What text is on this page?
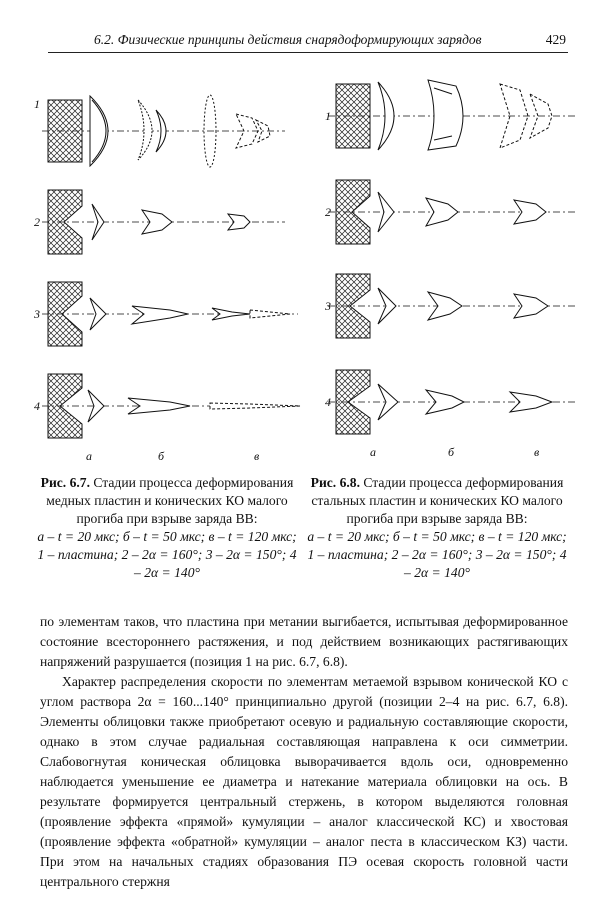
6.2. Физические принципы действия снарядоформирующих зарядов	429
1
2
3
4
1
2
3
4
а	б	в	а	б	в
Рис. 6.7. Стадии процесса деформирования медных пластин и конических КО малого прогиба при взрыве заряда ВВ:
а – t = 20 мкс; б – t = 50 мкс; в – t = 120 мкс; 1 – пластина; 2 – 2α = 160°; 3 – 2α = 150°; 4 – 2α = 140°
Рис. 6.8. Стадии процесса деформирования стальных пластин и конических КО малого прогиба при взрыве заряда ВВ:
а – t = 20 мкс; б – t = 50 мкс; в – t = 120 мкс; 1 – пластина; 2 – 2α = 160°; 3 – 2α = 150°; 4 – 2α = 140°

по элементам таков, что пластина при метании выгибается, испытывая деформированное состояние всестороннего растяжения, и под действием возникающих растягивающих напряжений разрушается (позиция 1 на рис. 6.7, 6.8).

Характер распределения скорости по элементам метаемой взрывом конической КО с углом раствора 2α = 160...140° принципиально другой (позиции 2–4 на рис. 6.7, 6.8). Элементы облицовки также приобретают осевую и радиальную составляющие скорости, однако в этом случае радиальная составляющая направлена к оси симметрии. Слабовогнутая коническая облицовка выворачивается вдоль оси, одновременно наблюдается уменьшение ее диаметра и натекание материала облицовки на ось. В результате формируется центральный стержень, в котором выделяются головная (проявление эффекта «прямой» кумуляции – аналог классической КС) и хвостовая (проявление эффекта «обратной» кумуляции – аналог песта в классическом КЗ) части. При этом на начальных стадиях образования ПЭ осевая скорость головной части центрального стержня
